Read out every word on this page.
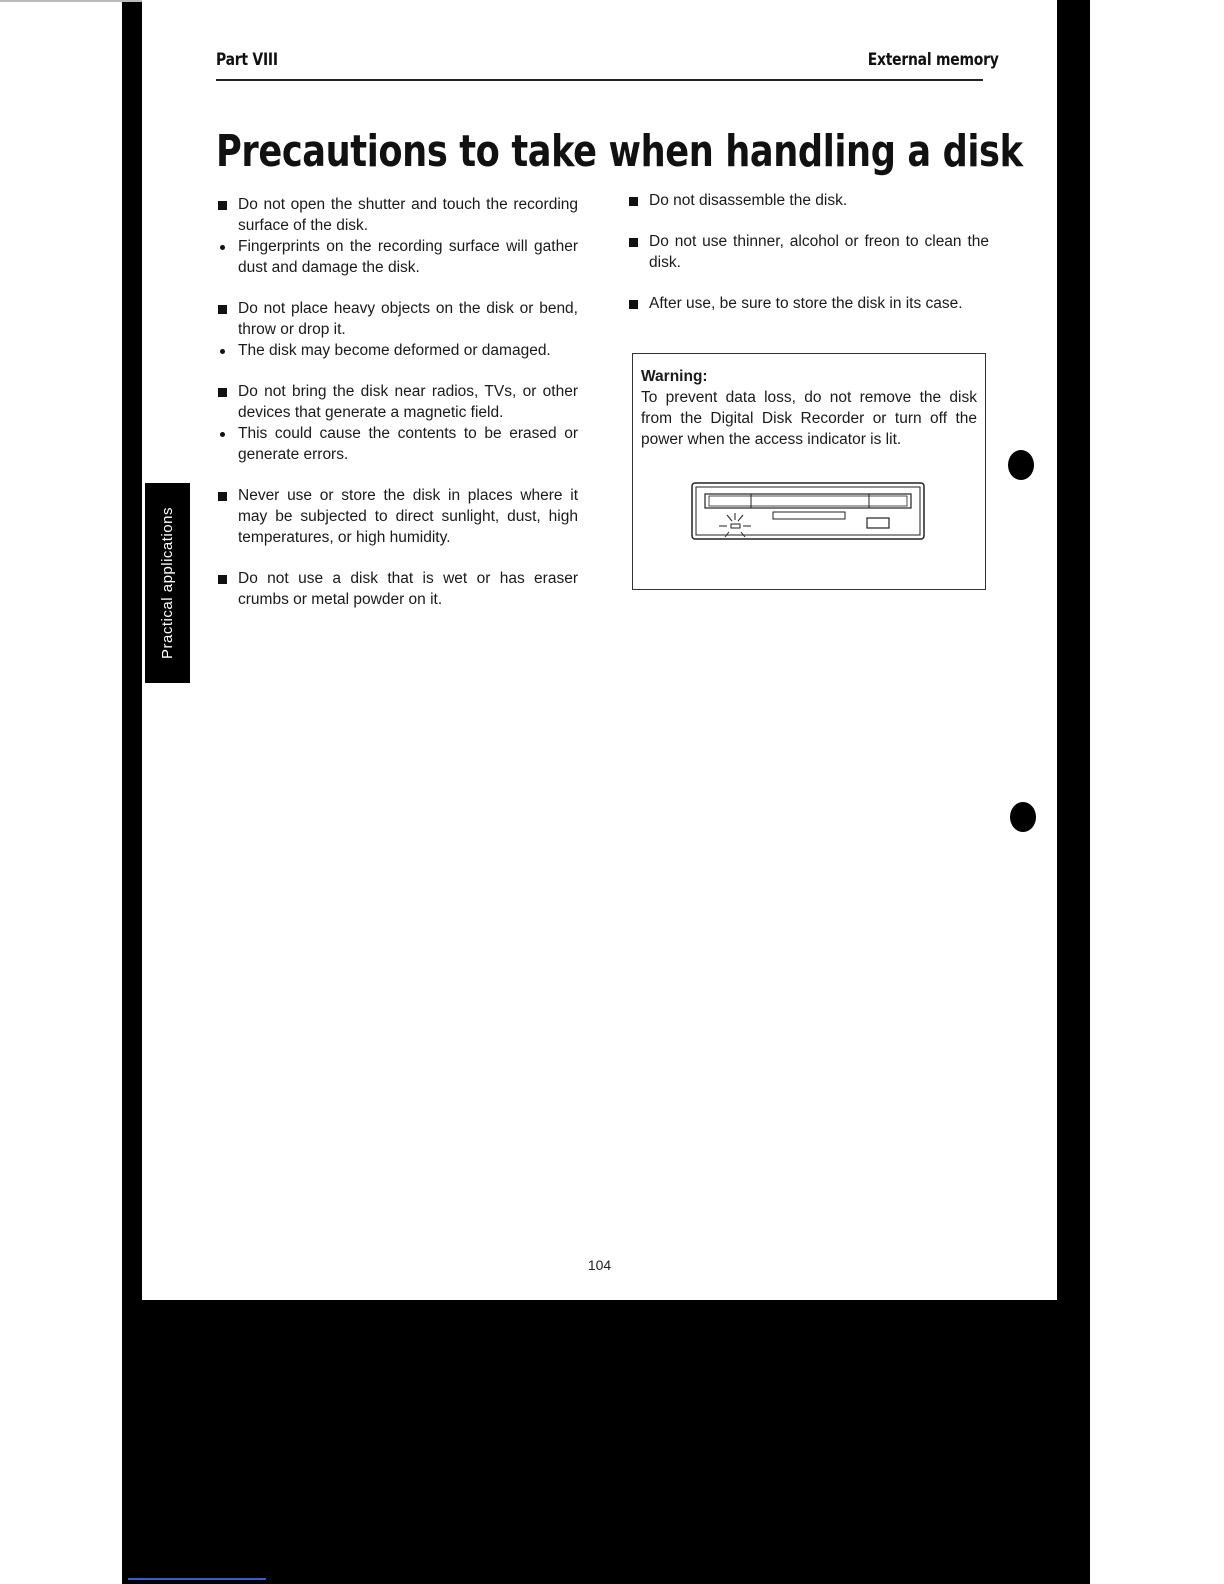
Part VIII	External memory
Precautions to take when handling a disk
Do not open the shutter and touch the recording surface of the disk.
Fingerprints on the recording surface will gather dust and damage the disk.
Do not place heavy objects on the disk or bend, throw or drop it.
The disk may become deformed or damaged.
Do not bring the disk near radios, TVs, or other devices that generate a magnetic field.
This could cause the contents to be erased or generate errors.
Never use or store the disk in places where it may be subjected to direct sunlight, dust, high temperatures, or high humidity.
Do not use a disk that is wet or has eraser crumbs or metal powder on it.
Do not disassemble the disk.
Do not use thinner, alcohol or freon to clean the disk.
After use, be sure to store the disk in its case.
Warning:
To prevent data loss, do not remove the disk from the Digital Disk Recorder or turn off the power when the access indicator is lit.
104
Practical applications
